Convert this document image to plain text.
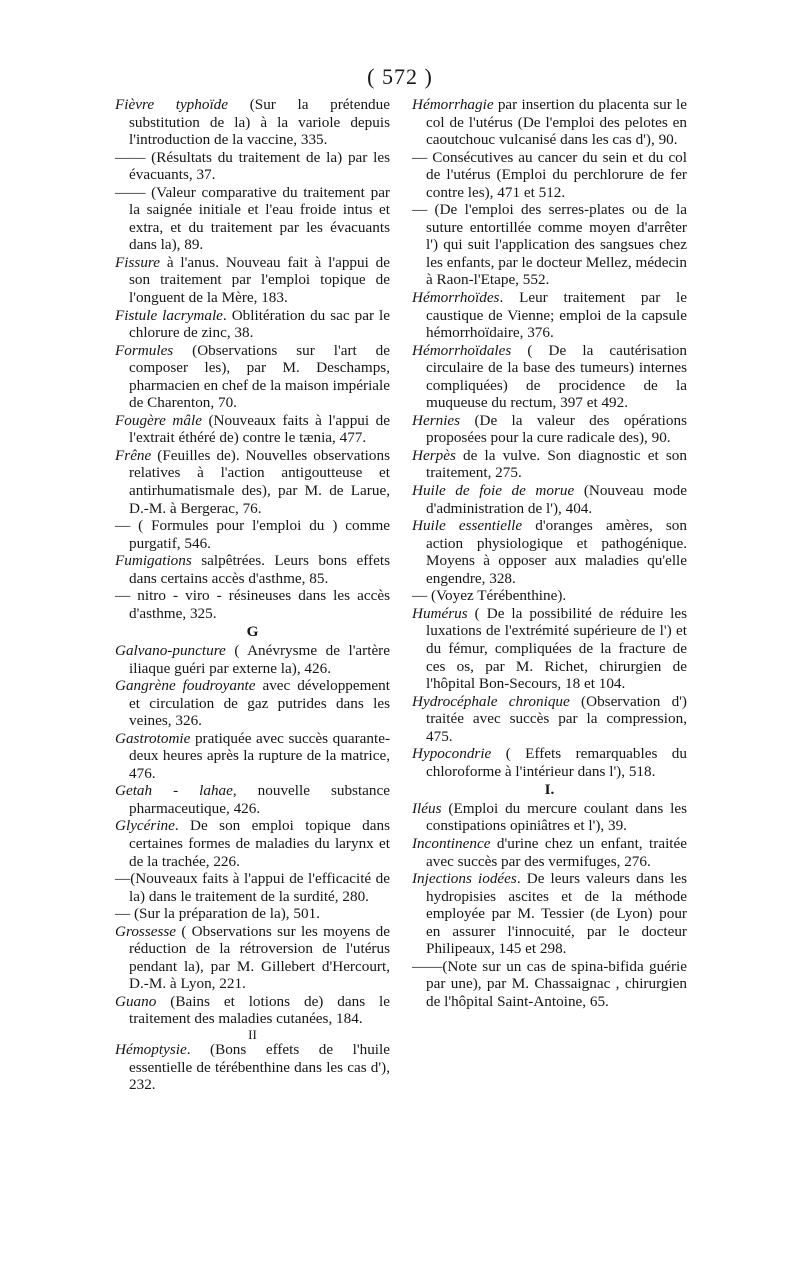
( 572 )

Fièvre typhoïde (Sur la prétendue substitution de la) à la variole depuis l'introduction de la vaccine, 335.

—— (Résultats du traitement de la) par les évacuants, 37.

—— (Valeur comparative du traitement par la saignée initiale et l'eau froide intus et extra, et du traitement par les évacuants dans la), 89.

Fissure à l'anus. Nouveau fait à l'appui de son traitement par l'emploi topique de l'onguent de la Mère, 183.

Fistule lacrymale. Oblitération du sac par le chlorure de zinc, 38.

Formules (Observations sur l'art de composer les), par M. Deschamps, pharmacien en chef de la maison impériale de Charenton, 70.

Fougère mâle (Nouveaux faits à l'appui de l'extrait éthéré de) contre le tænia, 477.

Frêne (Feuilles de). Nouvelles observations relatives à l'action antigoutteuse et antirhumatismale des), par M. de Larue, D.-M. à Bergerac, 76.

— ( Formules pour l'emploi du ) comme purgatif, 546.

Fumigations salpêtrées. Leurs bons effets dans certains accès d'asthme, 85.

— nitro - viro - résineuses dans les accès d'asthme, 325.

G

Galvano-puncture ( Anévrysme de l'artère iliaque guéri par externe la), 426.

Gangrène foudroyante avec développement et circulation de gaz putrides dans les veines, 326.

Gastrotomie pratiquée avec succès quarante-deux heures après la rupture de la matrice, 476.

Getah - lahae, nouvelle substance pharmaceutique, 426.

Glycérine. De son emploi topique dans certaines formes de maladies du larynx et de la trachée, 226.

—(Nouveaux faits à l'appui de l'efficacité de la) dans le traitement de la surdité, 280.

— (Sur la préparation de la), 501.

Grossesse ( Observations sur les moyens de réduction de la rétroversion de l'utérus pendant la), par M. Gillebert d'Hercourt, D.-M. à Lyon, 221.

Guano (Bains et lotions de) dans le traitement des maladies cutanées, 184.

II

Hémoptysie. (Bons effets de l'huile essentielle de térébenthine dans les cas d'), 232.

Hémorrhagie par insertion du placenta sur le col de l'utérus (De l'emploi des pelotes en caoutchouc vulcanisé dans les cas d'), 90.

— Consécutives au cancer du sein et du col de l'utérus (Emploi du perchlorure de fer contre les), 471 et 512.

— (De l'emploi des serres-plates ou de la suture entortillée comme moyen d'arrêter l') qui suit l'application des sangsues chez les enfants, par le docteur Mellez, médecin à Raon-l'Etape, 552.

Hémorrhoïdes. Leur traitement par le caustique de Vienne; emploi de la capsule hémorrhoïdaire, 376.

Hémorrhoïdales ( De la cautérisation circulaire de la base des tumeurs) internes compliquées) de procidence de la muqueuse du rectum, 397 et 492.

Hernies (De la valeur des opérations proposées pour la cure radicale des), 90.

Herpès de la vulve. Son diagnostic et son traitement, 275.

Huile de foie de morue (Nouveau mode d'administration de l'), 404.

Huile essentielle d'oranges amères, son action physiologique et pathogénique. Moyens à opposer aux maladies qu'elle engendre, 328.

— (Voyez Térébenthine).

Humérus ( De la possibilité de réduire les luxations de l'extrémité supérieure de l') et du fémur, compliquées de la fracture de ces os, par M. Richet, chirurgien de l'hôpital Bon-Secours, 18 et 104.

Hydrocéphale chronique (Observation d') traitée avec succès par la compression, 475.

Hypocondrie ( Effets remarquables du chloroforme à l'intérieur dans l'), 518.

I.

Iléus (Emploi du mercure coulant dans les constipations opiniâtres et l'), 39.

Incontinence d'urine chez un enfant, traitée avec succès par des vermifuges, 276.

Injections iodées. De leurs valeurs dans les hydropisies ascites et de la méthode employée par M. Tessier (de Lyon) pour en assurer l'innocuité, par le docteur Philipeaux, 145 et 298.

——(Note sur un cas de spina-bifida guérie par une), par M. Chassaignac , chirurgien de l'hôpital Saint-Antoine, 65.
